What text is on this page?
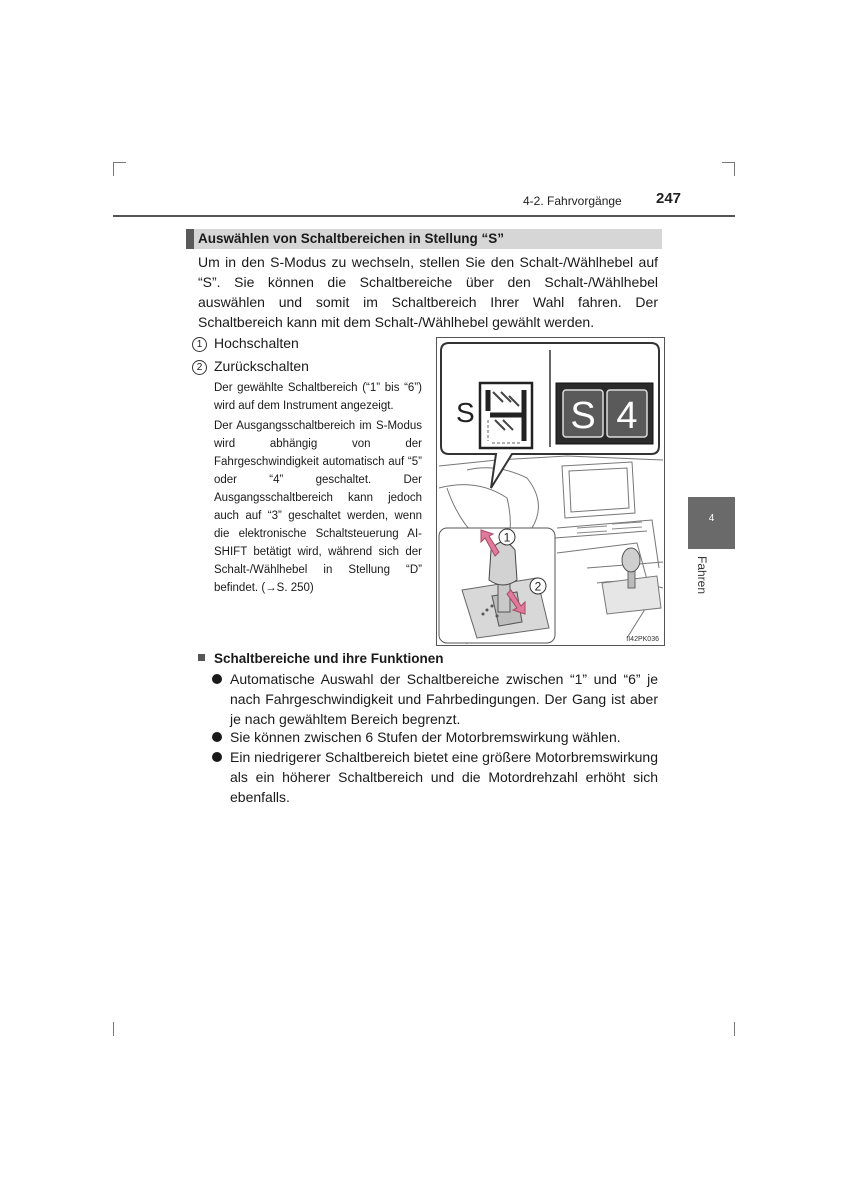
4-2. Fahrvorgänge 247
Auswählen von Schaltbereichen in Stellung “S”

Um in den S-Modus zu wechseln, stellen Sie den Schalt-/Wählhebel auf “S”. Sie können die Schaltbereiche über den Schalt-/Wählhebel auswählen und somit im Schaltbereich Ihrer Wahl fahren. Der Schaltbereich kann mit dem Schalt-/Wählhebel gewählt werden.

1 Hochschalten
2 Zurückschalten

Der gewählte Schaltbereich (“1” bis “6”) wird auf dem Instrument angezeigt.

Der Ausgangsschaltbereich im S-Modus wird abhängig von der Fahrgeschwindigkeit automatisch auf “5” oder “4” geschaltet. Der Ausgangsschaltbereich kann jedoch auch auf “3” geschaltet werden, wenn die elektronische Schaltsteuerung AI-SHIFT betätigt wird, während sich der Schalt-/Wählhebel in Stellung “D” befindet. (→S. 250)

1
2
S	S 4
II42PK036
Schaltbereiche und ihre Funktionen
Automatische Auswahl der Schaltbereiche zwischen “1” und “6” je nach Fahrgeschwindigkeit und Fahrbedingungen. Der Gang ist aber je nach gewähltem Bereich begrenzt.
Sie können zwischen 6 Stufen der Motorbremswirkung wählen.
Ein niedrigerer Schaltbereich bietet eine größere Motorbremswirkung als ein höherer Schaltbereich und die Motordrehzahl erhöht sich ebenfalls.
4
Fahren
